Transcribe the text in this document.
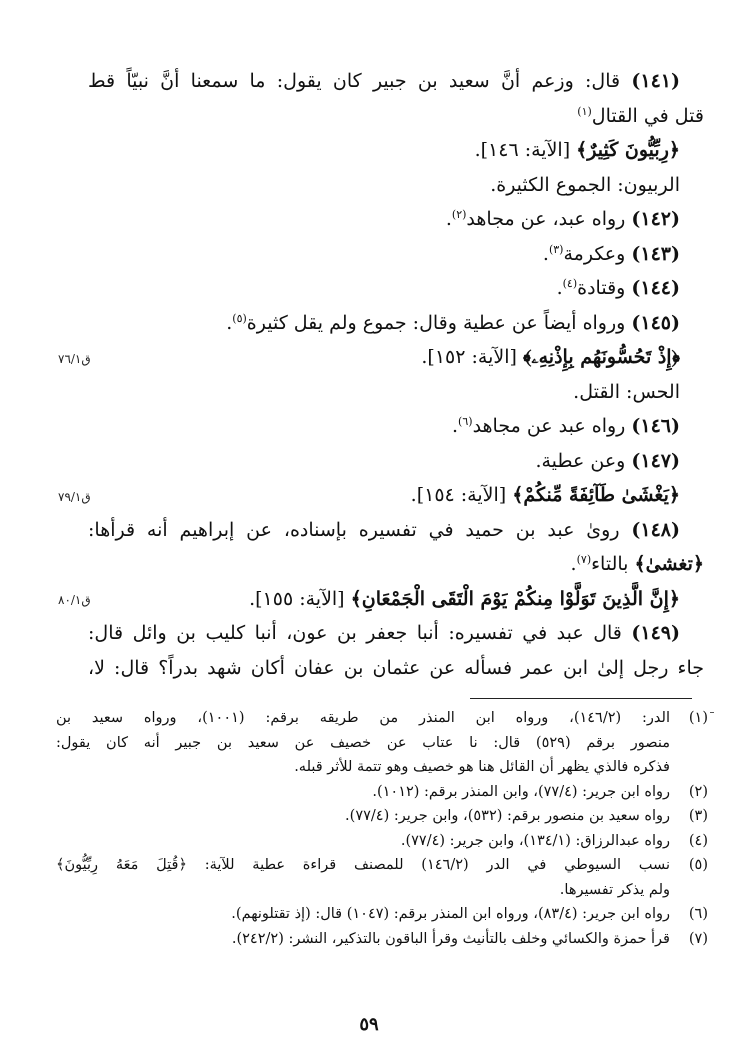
(١٤١) قال: وزعم أنَّ سعيد بن جبير كان يقول: ما سمعنا أنَّ نبيّاً قط
قتل في القتال$^{(١)}$
﴿رِبِّيُّونَ كَثِيرٌ﴾ [الآية: ١٤٦].
الربيون: الجموع الكثيرة.
(١٤٢) رواه عبد، عن مجاهد$^{(٢)}$.
(١٤٣) وعكرمة$^{(٣)}$.
(١٤٤) وقتادة$^{(٤)}$.
(١٤٥) ورواه أيضاً عن عطية وقال: جموع ولم يقل كثيرة$^{(٥)}$.
﴿إِذْ تَحُسُّونَهُم بِإِذْنِهِۦ﴾ [الآية: ١٥٢].
الحس: القتل.
(١٤٦) رواه عبد عن مجاهد$^{(٦)}$.
(١٤٧) وعن عطية.
﴿يَغْشَىٰ طَآئِفَةً مِّنكُمْ﴾ [الآية: ١٥٤].
(١٤٨) روىٰ عبد بن حميد في تفسيره بإسناده، عن إبراهيم أنه قرأها:
﴿تغشىٰ﴾ بالتاء$^{(٧)}$.
﴿إِنَّ الَّذِينَ تَوَلَّوْا مِنكُمْ يَوْمَ الْتَقَى الْجَمْعَانِ﴾ [الآية: ١٥٥].
(١٤٩) قال عبد في تفسيره: أنبا جعفر بن عون، أنبا كليب بن وائل قال:
جاء رجل إلىٰ ابن عمر فسأله عن عثمان بن عفان أكان شهد بدراً؟ قال: لا،
ق٧٦/١
ق٧٩/١
ق٨٠/١
(١)
الدر: (١٤٦/٢)، ورواه ابن المنذر من طريقه برقم: (١٠٠١)، ورواه سعيد بن
منصور برقم (٥٢٩) قال: نا عتاب عن خصيف عن سعيد بن جبير أنه كان يقول:
فذكره فالذي يظهر أن القائل هنا هو خصيف وهو تتمة للأثر قبله.
(٢)
رواه ابن جرير: (٧٧/٤)، وابن المنذر برقم: (١٠١٢).
(٣)
رواه سعيد بن منصور برقم: (٥٣٢)، وابن جرير: (٧٧/٤).
(٤)
رواه عبدالرزاق: (١٣٤/١)، وابن جرير: (٧٧/٤).
(٥)
نسب السيوطي في الدر (١٤٦/٢) للمصنف قراءة عطية للآية: ﴿قُتِلَ مَعَهُ رِبِّيُّونَ﴾
ولم يذكر تفسيرها.
(٦)
رواه ابن جرير: (٨٣/٤)، ورواه ابن المنذر برقم: (١٠٤٧) قال: (إذ تقتلونهم).
(٧)
قرأ حمزة والكسائي وخلف بالتأنيث وقرأ الباقون بالتذكير، النشر: (٢٤٢/٢).
٥٩
